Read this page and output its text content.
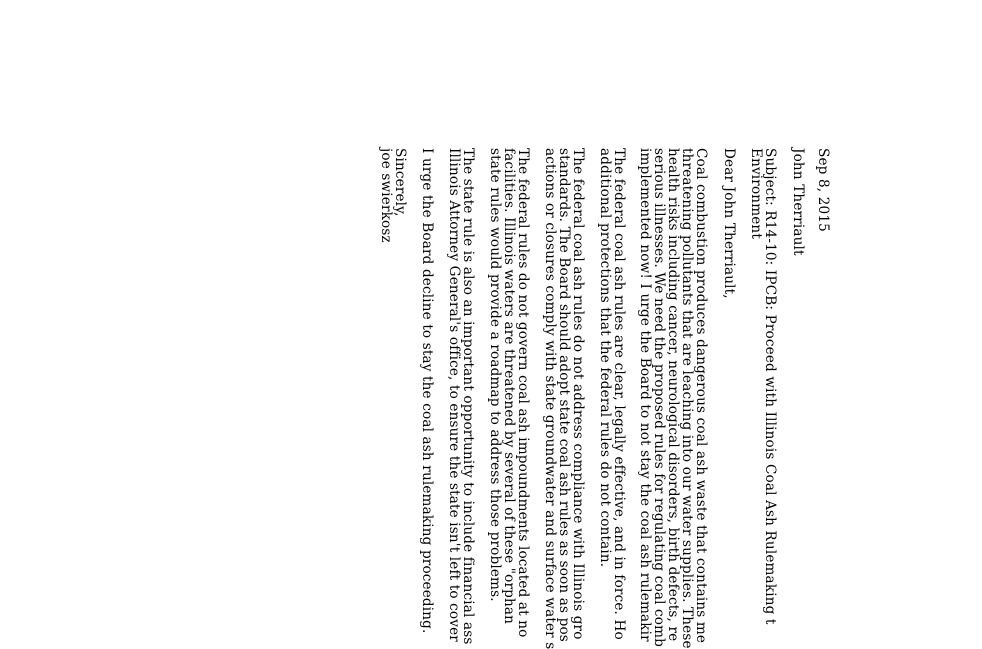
Sep 8, 2015
John Therriault
Subject: R14-10: IPCB: Proceed with Illinois Coal Ash Rulemaking t
Environment
Dear John Therriault,
Coal combustion produces dangerous coal ash waste that contains me
threatening pollutants that are leaching into our water supplies. These
health risks including cancer, neurological disorders, birth defects, re
serious illnesses. We need the proposed rules for regulating coal comb
implemented now! I urge the Board to not stay the coal ash rulemakir
The federal coal ash rules are clear, legally effective, and in force. Ho
additional protections that the federal rules do not contain.
The federal coal ash rules do not address compliance with Illinois gro
standards. The Board should adopt state coal ash rules as soon as pos
actions or closures comply with state groundwater and surface water s
The federal rules do not govern coal ash impoundments located at no
facilities. Illinois waters are threatened by several of these "orphan
state rules would provide a roadmap to address those problems.
The state rule is also an important opportunity to include financial ass
Illinois Attorney General's office, to ensure the state isn't left to cover
I urge the Board decline to stay the coal ash rulemaking proceeding.
Sincerely,
joe swierkosz
